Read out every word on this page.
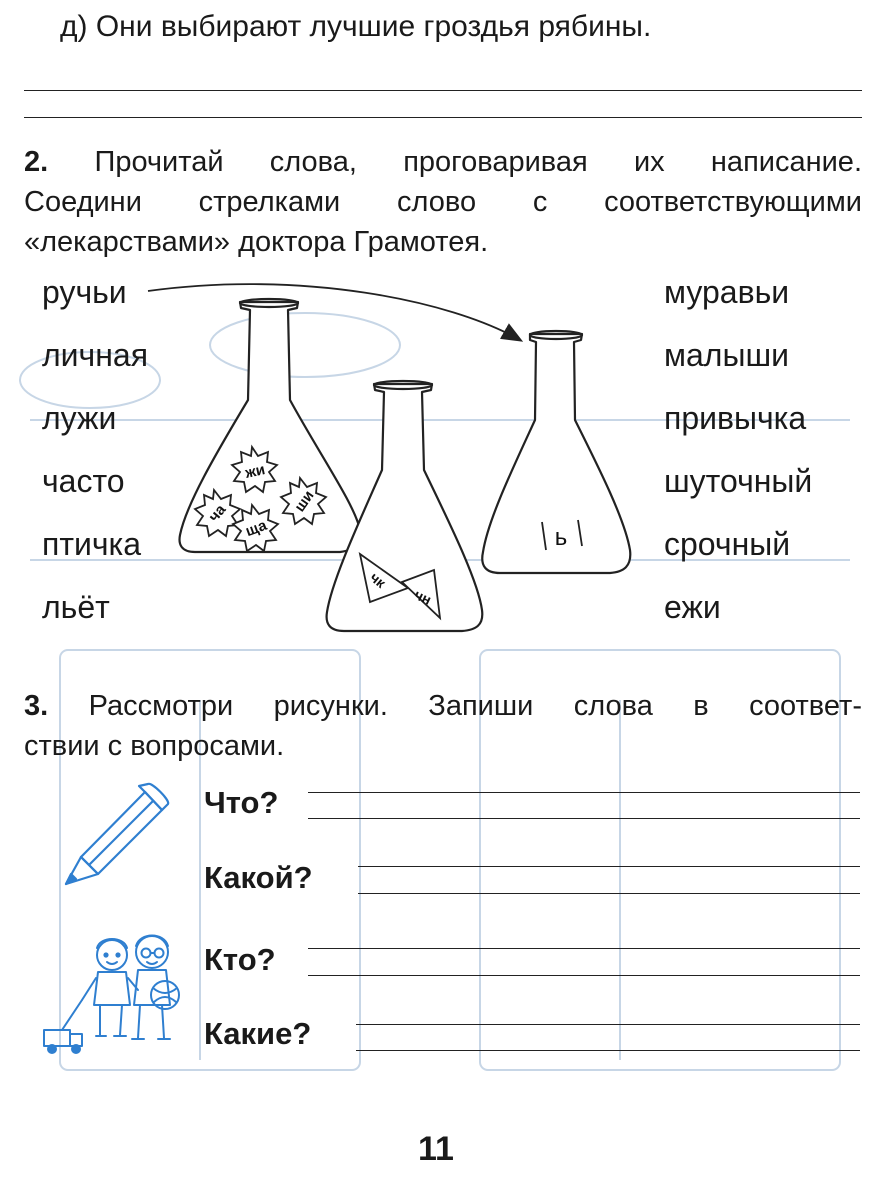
д) Они выбирают лучшие гроздья рябины.
2. Прочитай слова, проговаривая их написание.
Соедини стрелками слово с соответствующими
«лекарствами» доктора Грамотея.
ручьи
личная
лужи
часто
птичка
льёт
муравьи
малыши
привычка
шуточный
срочный
ежи
жи
ча
ща
ши
чк
чн
ь
3. Рассмотри рисунки. Запиши слова в соответ-
ствии с вопросами.
Что?
Какой?
Кто?
Какие?
11
